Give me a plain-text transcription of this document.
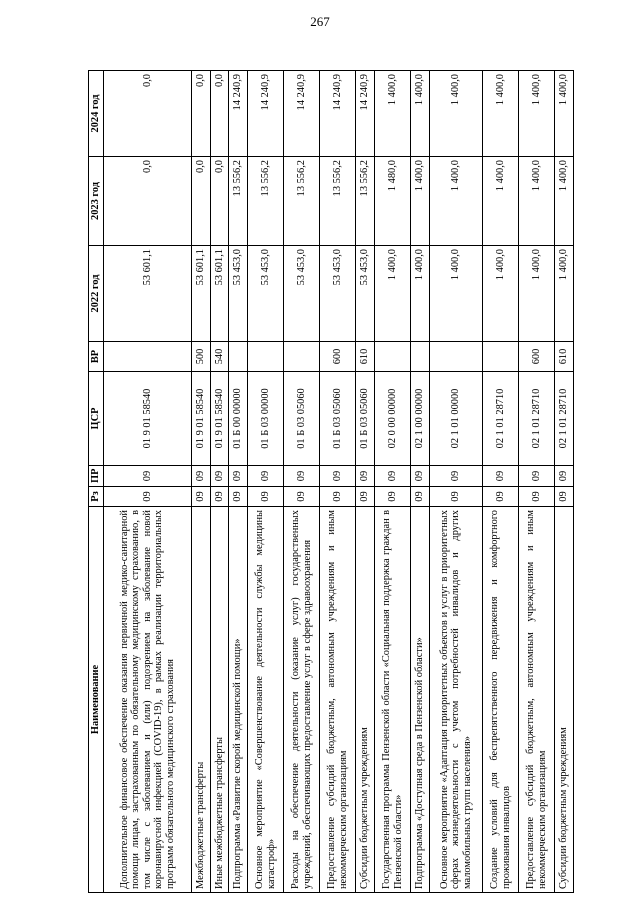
267
Наименование	Рз	ПР	ЦСР	ВР	2022 год	2023 год	2024 год
Дополнительное финансовое обеспечение оказания первичной медико-санитарной помощи лицам, застрахованным по обязательному медицинскому страхованию, в том числе с заболеванием и (или) подозрением на заболевание новой коронавирусной инфекцией (COVID-19), в рамках реализации территориальных программ обязательного медицинского страхования	09	09	01 9 01 58540		53 601,1	0,0	0,0
Межбюджетные трансферты	09	09	01 9 01 58540	500	53 601,1	0,0	0,0
Иные межбюджетные трансферты	09	09	01 9 01 58540	540	53 601,1	0,0	0,0
Подпрограмма «Развитие скорой медицинской помощи»	09	09	01 Б 00 00000		53 453,0	13 556,2	14 240,9
Основное мероприятие «Совершенствование деятельности службы медицины катастроф»	09	09	01 Б 03 00000		53 453,0	13 556,2	14 240,9
Расходы на обеспечение деятельности (оказание услуг) государственных учреждений, обеспечивающих предоставление услуг в сфере здравоохранения	09	09	01 Б 03 05060		53 453,0	13 556,2	14 240,9
Предоставление субсидий бюджетным, автономным учреждениям и иным некоммерческим организациям	09	09	01 Б 03 05060	600	53 453,0	13 556,2	14 240,9
Субсидии бюджетным учреждениям	09	09	01 Б 03 05060	610	53 453,0	13 556,2	14 240,9
Государственная программа Пензенской области «Социальная поддержка граждан в Пензенской области»	09	09	02 0 00 00000		1 400,0	1 480,0	1 400,0
Подпрограмма «Доступная среда в Пензенской области»	09	09	02 1 00 00000		1 400,0	1 400,0	1 400,0
Основное мероприятие «Адаптация приоритетных объектов и услуг в приоритетных сферах жизнедеятельности с учетом потребностей инвалидов и других маломобильных групп населения»	09	09	02 1 01 00000		1 400,0	1 400,0	1 400,0
Создание условий для беспрепятственного передвижения и комфортного проживания инвалидов	09	09	02 1 01 28710		1 400,0	1 400,0	1 400,0
Предоставление субсидий бюджетным, автономным учреждениям и иным некоммерческим организациям	09	09	02 1 01 28710	600	1 400,0	1 400,0	1 400,0
Субсидии бюджетным учреждениям	09	09	02 1 01 28710	610	1 400,0	1 400,0	1 400,0
